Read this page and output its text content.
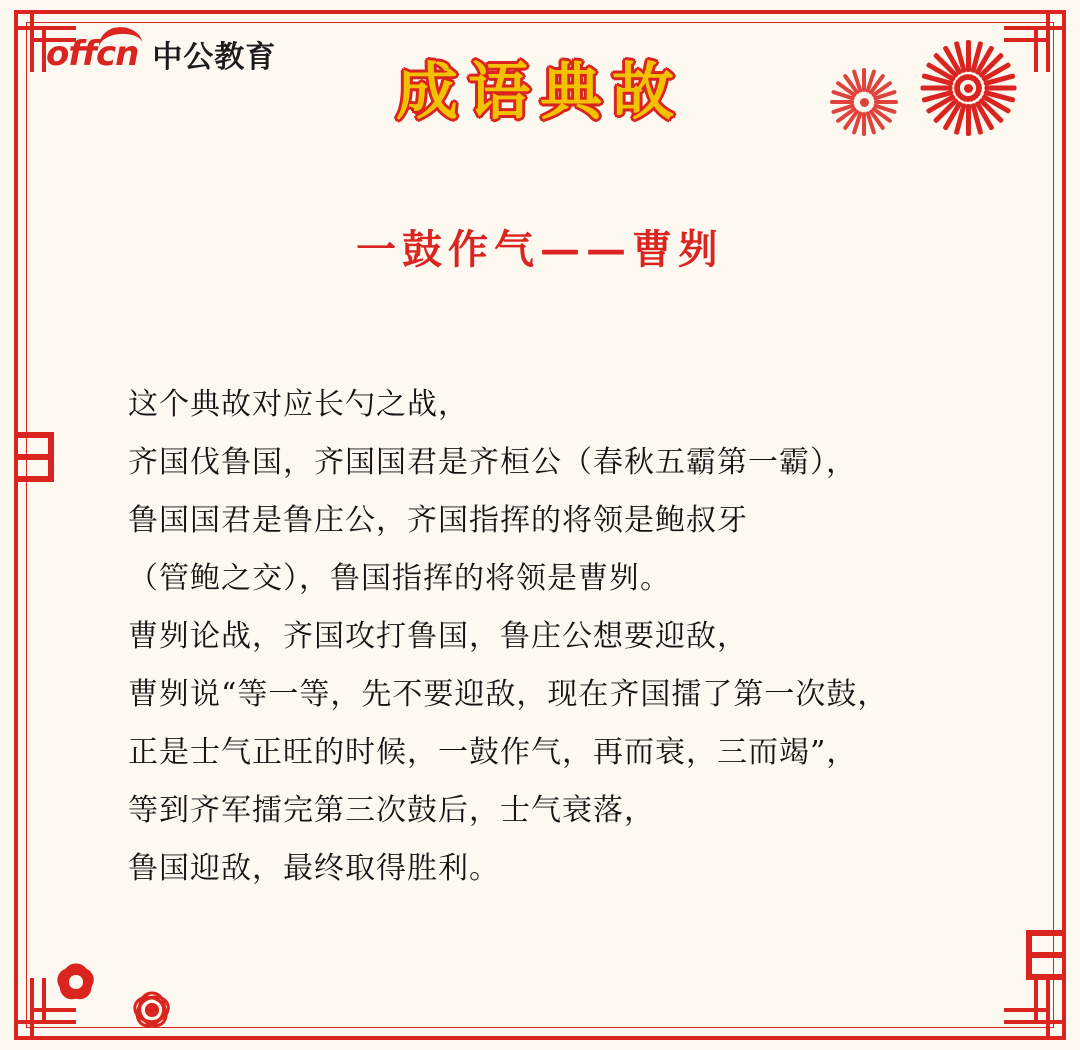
offcn 中公教育	成语典故
一鼓作气——曹刿

这个典故对应长勺之战，

齐国伐鲁国，齐国国君是齐桓公（春秋五霸第一霸），

鲁国国君是鲁庄公，齐国指挥的将领是鲍叔牙

（管鲍之交），鲁国指挥的将领是曹刿。

曹刿论战，齐国攻打鲁国，鲁庄公想要迎敌，

曹刿说“等一等，先不要迎敌，现在齐国擂了第一次鼓，

正是士气正旺的时候，一鼓作气，再而衰，三而竭”，

等到齐军擂完第三次鼓后，士气衰落，

鲁国迎敌，最终取得胜利。
